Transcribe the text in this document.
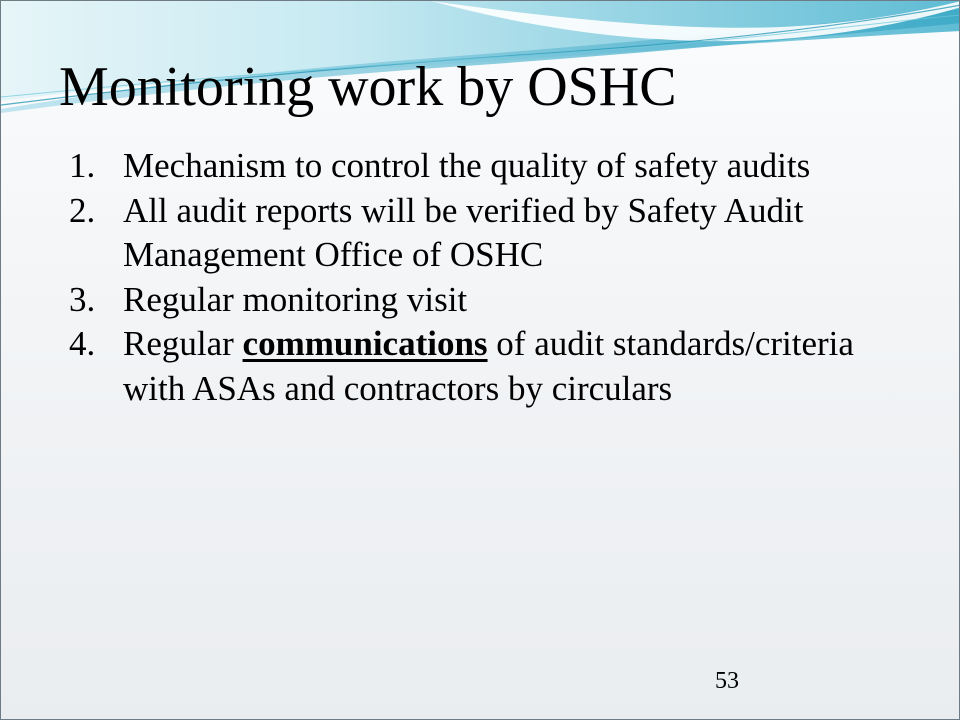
Monitoring work by OSHC
1. Mechanism to control the quality of safety audits
2. All audit reports will be verified by Safety Audit Management Office of OSHC
3. Regular monitoring visit
4. Regular communications of audit standards/criteria with ASAs and contractors by circulars
53
